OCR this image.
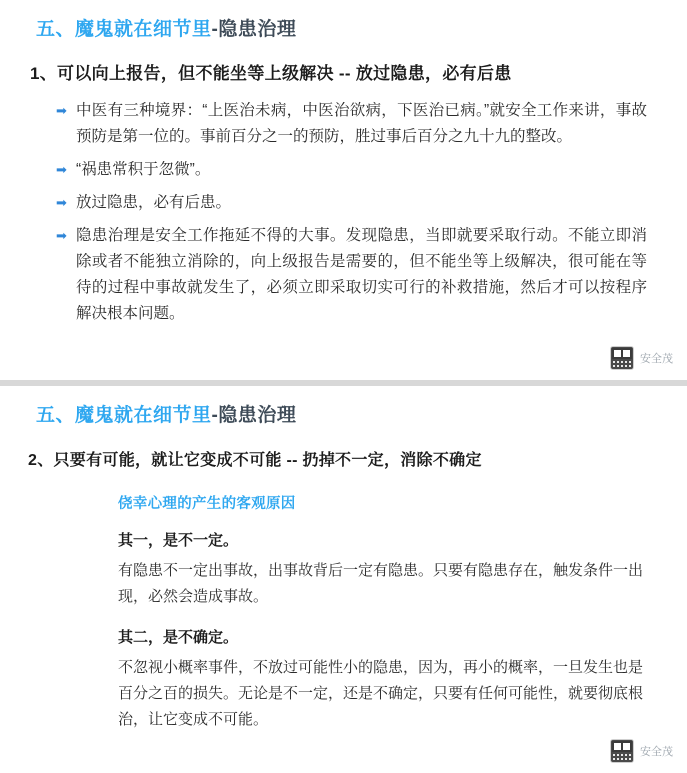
五、魔鬼就在细节里-隐患治理
1、可以向上报告，但不能坐等上级解决 -- 放过隐患，必有后患
➡ 中医有三种境界：“上医治未病，中医治欲病，下医治已病。”就安全工作来讲，事故预防是第一位的。事前百分之一的预防，胜过事后百分之九十九的整改。
➡ “祸患常积于忽微”。
➡ 放过隐患，必有后患。
➡ 隐患治理是安全工作拖延不得的大事。发现隐患，当即就要采取行动。不能立即消除或者不能独立消除的，向上级报告是需要的，但不能坐等上级解决，很可能在等待的过程中事故就发生了，必须立即采取切实可行的补救措施，然后才可以按程序解决根本问题。
安全茂
五、魔鬼就在细节里-隐患治理
2、只要有可能，就让它变成不可能 -- 扔掉不一定，消除不确定
侥幸心理的产生的客观原因
其一，是不一定。
有隐患不一定出事故，出事故背后一定有隐患。只要有隐患存在，触发条件一出现，必然会造成事故。
其二，是不确定。
不忽视小概率事件，不放过可能性小的隐患，因为，再小的概率，一旦发生也是百分之百的损失。无论是不一定，还是不确定，只要有任何可能性，就要彻底根治，让它变成不可能。
安全茂
